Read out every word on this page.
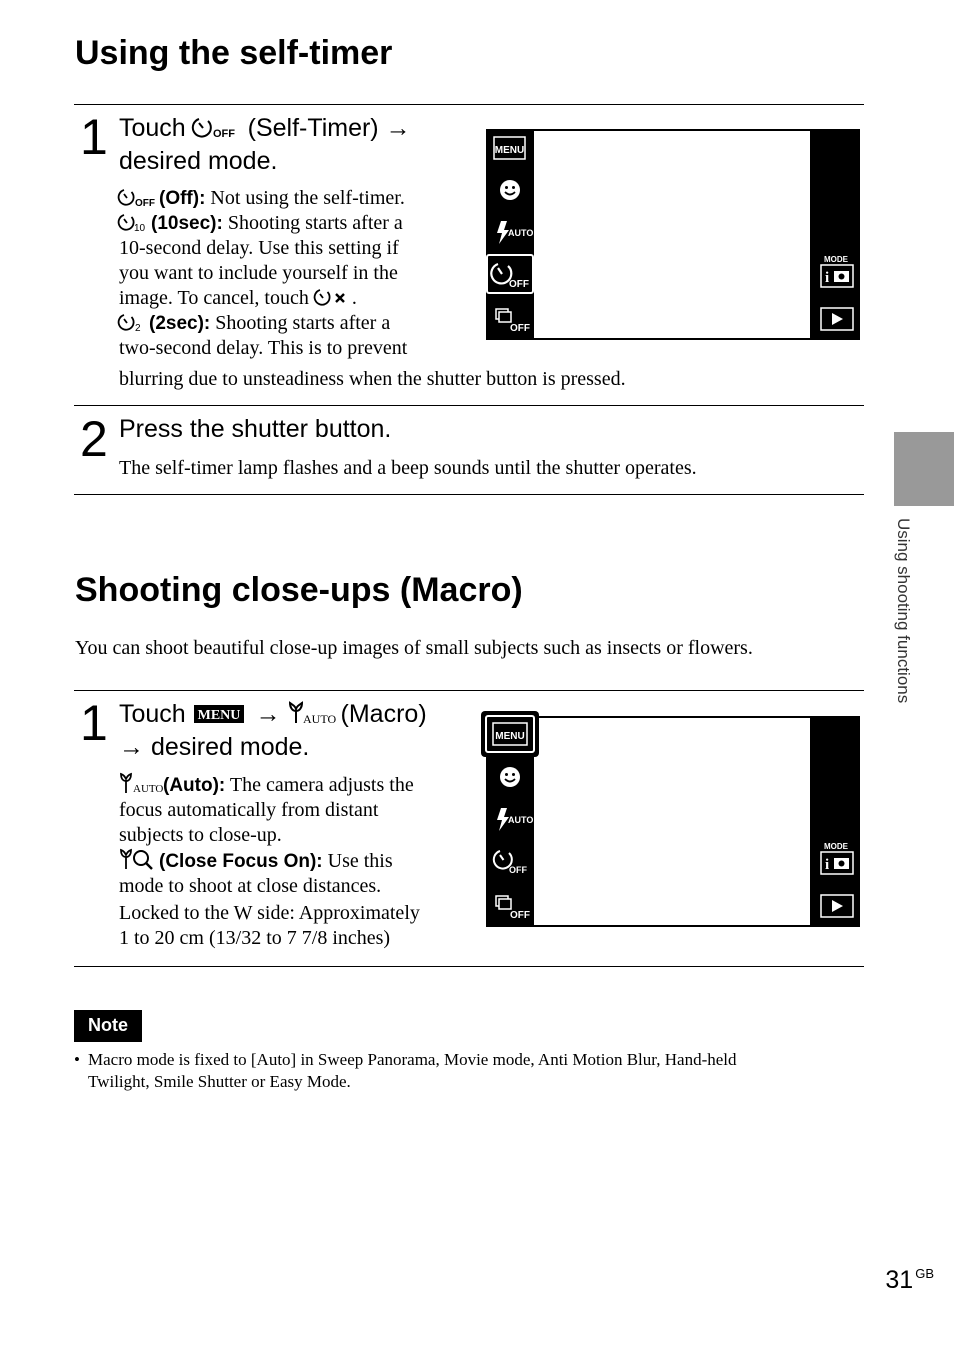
Using the self-timer
1 Touch OFF (Self-Timer) →
desired mode.
OFF (Off): Not using the self-timer.
10 (10sec): Shooting starts after a
10-second delay. Use this setting if
you want to include yourself in the
image. To cancel, touch .
2 (2sec): Shooting starts after a
two-second delay. This is to prevent
blurring due to unsteadiness when the shutter button is pressed.
MENU
AUTO
OFF
OFF
MODE
i
2 Press the shutter button.
The self-timer lamp flashes and a beep sounds until the shutter operates.
Shooting close-ups (Macro)
You can shoot beautiful close-up images of small subjects such as insects or flowers.
1 Touch MENU → AUTO (Macro)
→ desired mode.
AUTO (Auto): The camera adjusts the
focus automatically from distant
subjects to close-up.
(Close Focus On): Use this
mode to shoot at close distances.
Locked to the W side: Approximately
1 to 20 cm (13/32 to 7 7/8 inches)
AUTO
OFF
OFF
MODE
i
MENU
Note
• Macro mode is fixed to [Auto] in Sweep Panorama, Movie mode, Anti Motion Blur, Hand-held
Twilight, Smile Shutter or Easy Mode.
Using shooting functions
31 $^{GB}$
